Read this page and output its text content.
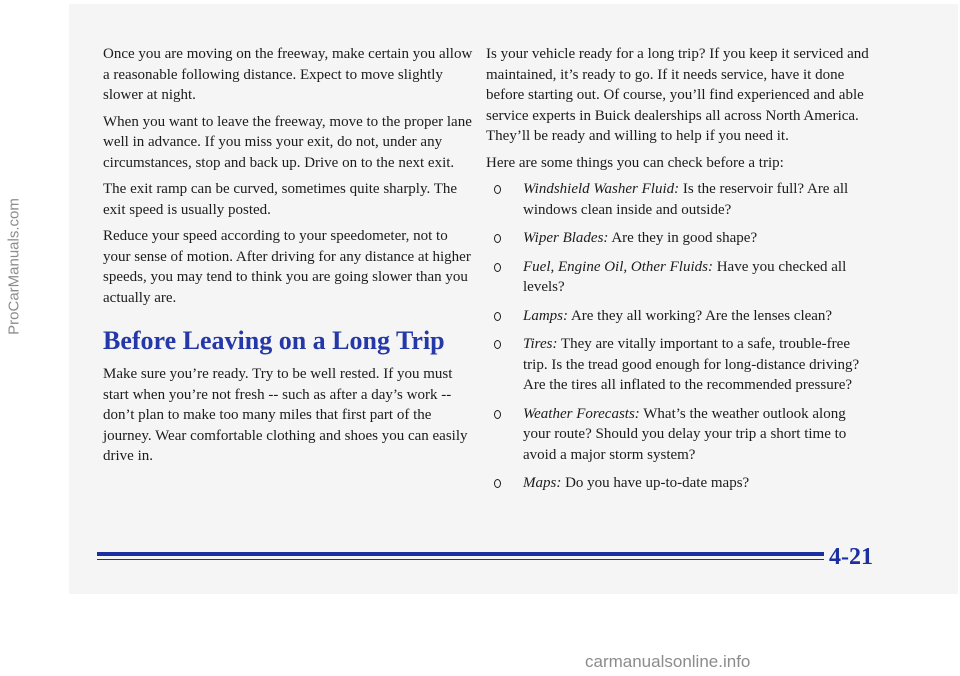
Once you are moving on the freeway, make certain you allow a reasonable following distance. Expect to move slightly slower at night.

When you want to leave the freeway, move to the proper lane well in advance. If you miss your exit, do not, under any circumstances, stop and back up. Drive on to the next exit.

The exit ramp can be curved, sometimes quite sharply. The exit speed is usually posted.

Reduce your speed according to your speedometer, not to your sense of motion. After driving for any distance at higher speeds, you may tend to think you are going slower than you actually are.

Before Leaving on a Long Trip

Make sure you’re ready. Try to be well rested. If you must start when you’re not fresh -- such as after a day’s work -- don’t plan to make too many miles that first part of the journey. Wear comfortable clothing and shoes you can easily drive in.

Is your vehicle ready for a long trip? If you keep it serviced and maintained, it’s ready to go. If it needs service, have it done before starting out. Of course, you’ll find experienced and able service experts in Buick dealerships all across North America. They’ll be ready and willing to help if you need it.

Here are some things you can check before a trip:

Windshield Washer Fluid: Is the reservoir full? Are all windows clean inside and outside?
Wiper Blades: Are they in good shape?
Fuel, Engine Oil, Other Fluids: Have you checked all levels?
Lamps: Are they all working? Are the lenses clean?
Tires: They are vitally important to a safe, trouble-free trip. Is the tread good enough for long-distance driving? Are the tires all inflated to the recommended pressure?
Weather Forecasts: What’s the weather outlook along your route? Should you delay your trip a short time to avoid a major storm system?
Maps: Do you have up-to-date maps?
4-21
ProCarManuals.com
carmanualsonline.info
